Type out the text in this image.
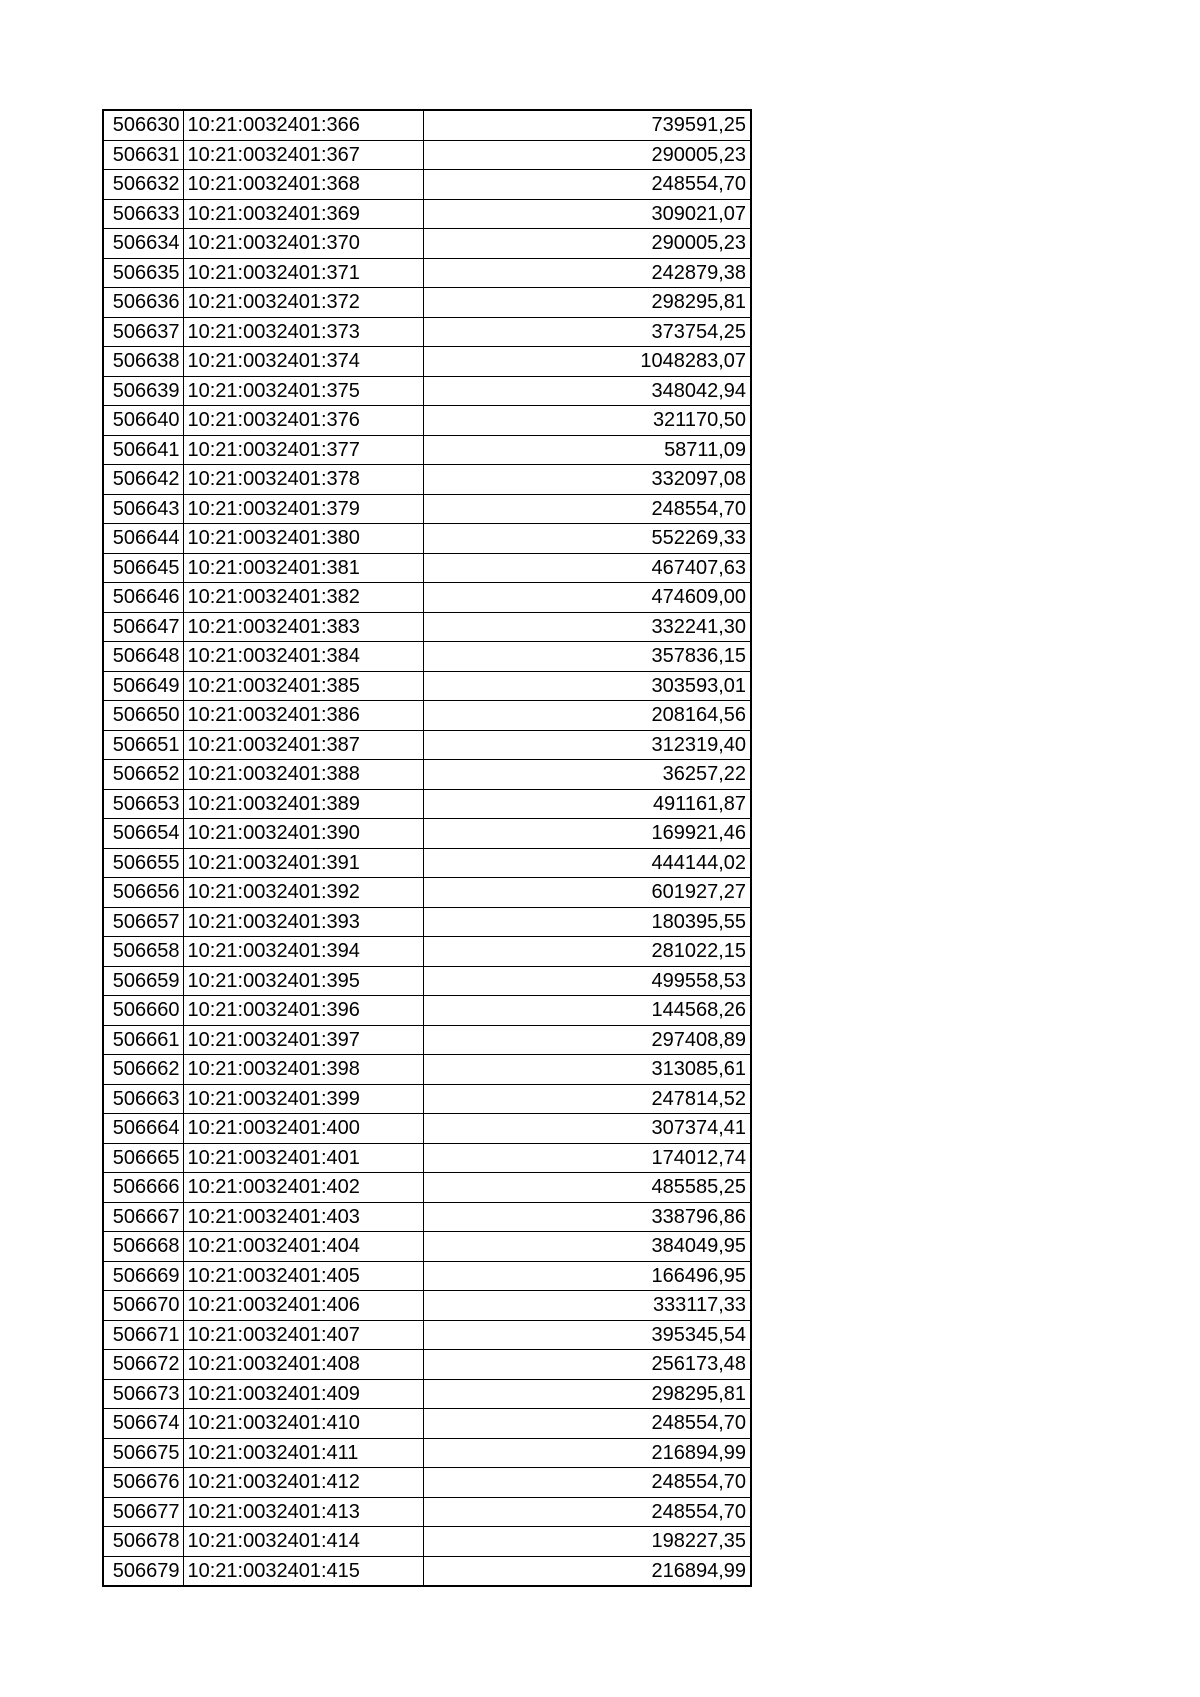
506630	10:21:0032401:366	739591,25
506631	10:21:0032401:367	290005,23
506632	10:21:0032401:368	248554,70
506633	10:21:0032401:369	309021,07
506634	10:21:0032401:370	290005,23
506635	10:21:0032401:371	242879,38
506636	10:21:0032401:372	298295,81
506637	10:21:0032401:373	373754,25
506638	10:21:0032401:374	1048283,07
506639	10:21:0032401:375	348042,94
506640	10:21:0032401:376	321170,50
506641	10:21:0032401:377	58711,09
506642	10:21:0032401:378	332097,08
506643	10:21:0032401:379	248554,70
506644	10:21:0032401:380	552269,33
506645	10:21:0032401:381	467407,63
506646	10:21:0032401:382	474609,00
506647	10:21:0032401:383	332241,30
506648	10:21:0032401:384	357836,15
506649	10:21:0032401:385	303593,01
506650	10:21:0032401:386	208164,56
506651	10:21:0032401:387	312319,40
506652	10:21:0032401:388	36257,22
506653	10:21:0032401:389	491161,87
506654	10:21:0032401:390	169921,46
506655	10:21:0032401:391	444144,02
506656	10:21:0032401:392	601927,27
506657	10:21:0032401:393	180395,55
506658	10:21:0032401:394	281022,15
506659	10:21:0032401:395	499558,53
506660	10:21:0032401:396	144568,26
506661	10:21:0032401:397	297408,89
506662	10:21:0032401:398	313085,61
506663	10:21:0032401:399	247814,52
506664	10:21:0032401:400	307374,41
506665	10:21:0032401:401	174012,74
506666	10:21:0032401:402	485585,25
506667	10:21:0032401:403	338796,86
506668	10:21:0032401:404	384049,95
506669	10:21:0032401:405	166496,95
506670	10:21:0032401:406	333117,33
506671	10:21:0032401:407	395345,54
506672	10:21:0032401:408	256173,48
506673	10:21:0032401:409	298295,81
506674	10:21:0032401:410	248554,70
506675	10:21:0032401:411	216894,99
506676	10:21:0032401:412	248554,70
506677	10:21:0032401:413	248554,70
506678	10:21:0032401:414	198227,35
506679	10:21:0032401:415	216894,99
